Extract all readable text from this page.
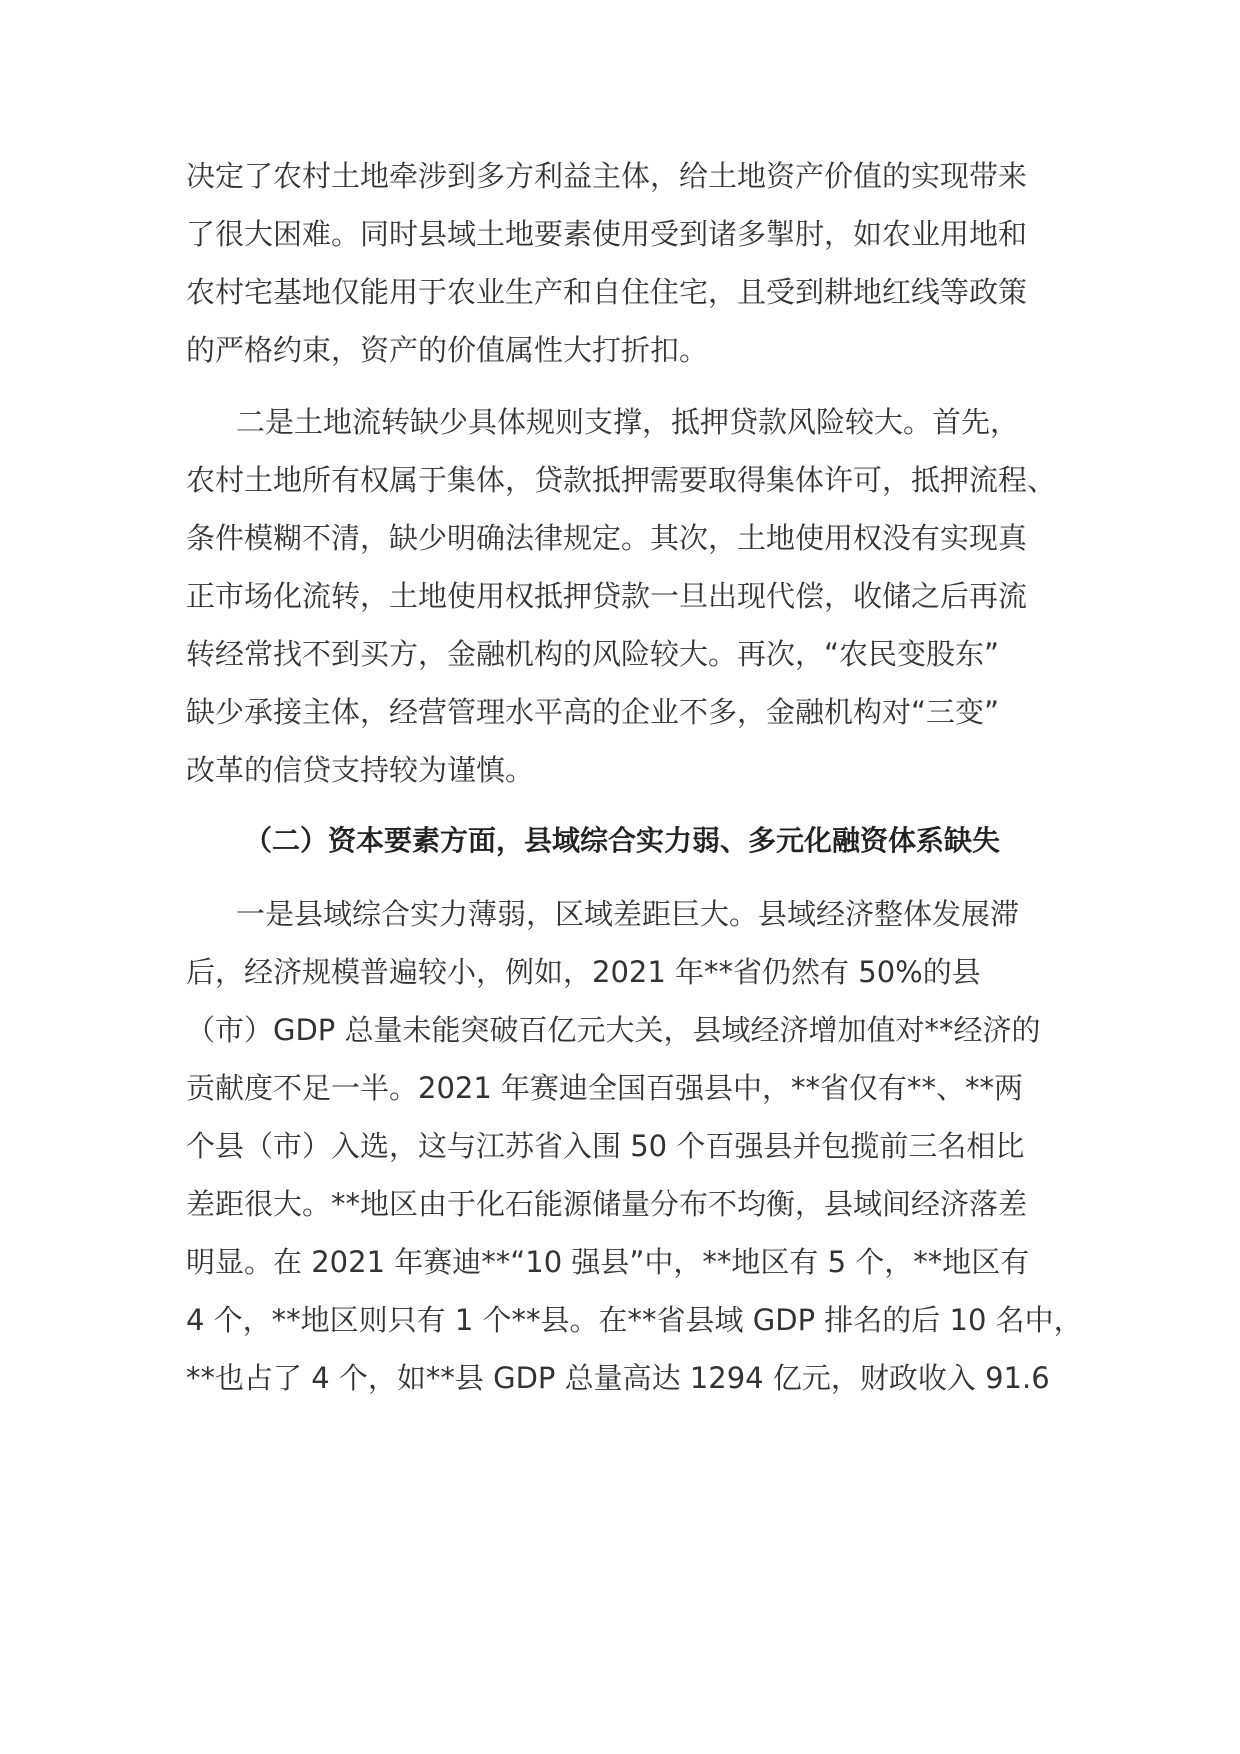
决定了农村土地牵涉到多方利益主体，给土地资产价值的实现带来
了很大困难。同时县域土地要素使用受到诸多掣肘，如农业用地和
农村宅基地仅能用于农业生产和自住住宅，且受到耕地红线等政策
的严格约束，资产的价值属性大打折扣。
二是土地流转缺少具体规则支撑，抵押贷款风险较大。首先，
农村土地所有权属于集体，贷款抵押需要取得集体许可，抵押流程、
条件模糊不清，缺少明确法律规定。其次，土地使用权没有实现真
正市场化流转，土地使用权抵押贷款一旦出现代偿，收储之后再流
转经常找不到买方，金融机构的风险较大。再次，“农民变股东”
缺少承接主体，经营管理水平高的企业不多，金融机构对“三变”
改革的信贷支持较为谨慎。
（二）资本要素方面，县域综合实力弱、多元化融资体系缺失
一是县域综合实力薄弱，区域差距巨大。县域经济整体发展滞
后，经济规模普遍较小，例如，2021 年**省仍然有 50%的县
（市）GDP 总量未能突破百亿元大关，县域经济增加值对**经济的
贡献度不足一半。2021 年赛迪全国百强县中，**省仅有**、**两
个县（市）入选，这与江苏省入围 50 个百强县并包揽前三名相比
差距很大。**地区由于化石能源储量分布不均衡，县域间经济落差
明显。在 2021 年赛迪**“10 强县”中，**地区有 5 个，**地区有
4 个，**地区则只有 1 个**县。在**省县域 GDP 排名的后 10 名中，
**也占了 4 个，如**县 GDP 总量高达 1294 亿元，财政收入 91.6
